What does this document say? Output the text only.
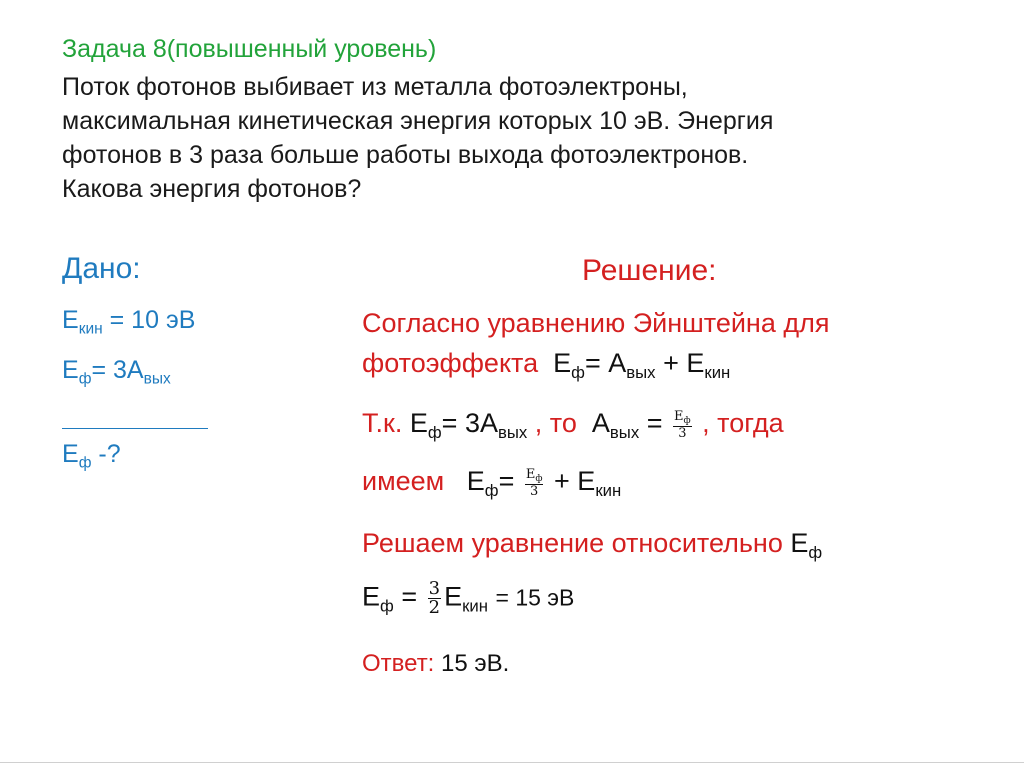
Задача 8(повышенный уровень)
Поток фотонов выбивает из металла фотоэлектроны,
максимальная кинетическая энергия которых 10 эВ. Энергия
фотонов в 3 раза больше работы выхода фотоэлектронов.
Какова энергия фотонов?
Дано:
$E_{кин} = 10$ эВ
$E_ф= 3A_{вых}$
$E_ф$ -?
Решение:
Согласно уравнению Эйнштейна для
фотоэффекта $E_ф= A_{вых} + E_{кин}$
Т.к. $E_ф= 3A_{вых}$ , то $A_{вых} = \frac{E_ф}{3}$ , тогда
имеем $E_ф= \frac{E_ф}{3} + E_{кин}$
Решаем уравнение относительно $E_ф$
$E_ф = \frac{3}{2} E_{кин} = 15$ эВ
Ответ: 15 эВ.
